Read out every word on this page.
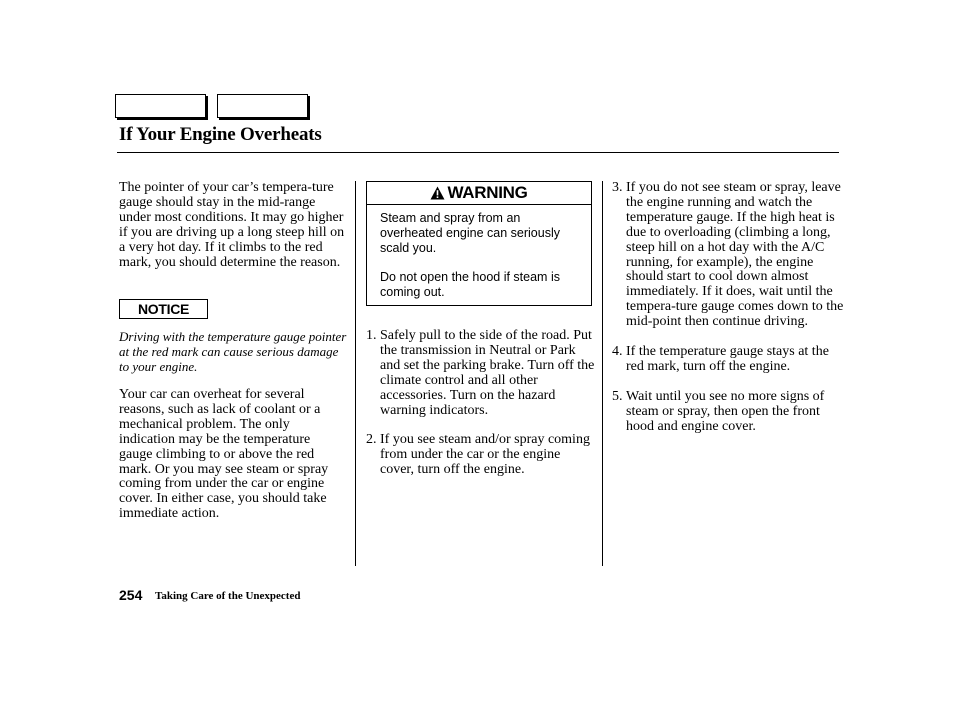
If Your Engine Overheats

The pointer of your car’s tempera-ture gauge should stay in the mid-range under most conditions. It may go higher if you are driving up a long steep hill on a very hot day. If it climbs to the red mark, you should determine the reason.

NOTICE

Driving with the temperature gauge pointer at the red mark can cause serious damage to your engine.

Your car can overheat for several reasons, such as lack of coolant or a mechanical problem. The only indication may be the temperature gauge climbing to or above the red mark. Or you may see steam or spray coming from under the car or engine cover. In either case, you should take immediate action.

WARNING

Steam and spray from an overheated engine can seriously scald you.

Do not open the hood if steam is coming out.

1. Safely pull to the side of the road. Put the transmission in Neutral or Park and set the parking brake. Turn off the climate control and all other accessories. Turn on the hazard warning indicators.
2. If you see steam and/or spray coming from under the car or the engine cover, turn off the engine.
3. If you do not see steam or spray, leave the engine running and watch the temperature gauge. If the high heat is due to overloading (climbing a long, steep hill on a hot day with the A/C running, for example), the engine should start to cool down almost immediately. If it does, wait until the tempera-ture gauge comes down to the mid-point then continue driving.
4. If the temperature gauge stays at the red mark, turn off the engine.
5. Wait until you see no more signs of steam or spray, then open the front hood and engine cover.
254 Taking Care of the Unexpected
